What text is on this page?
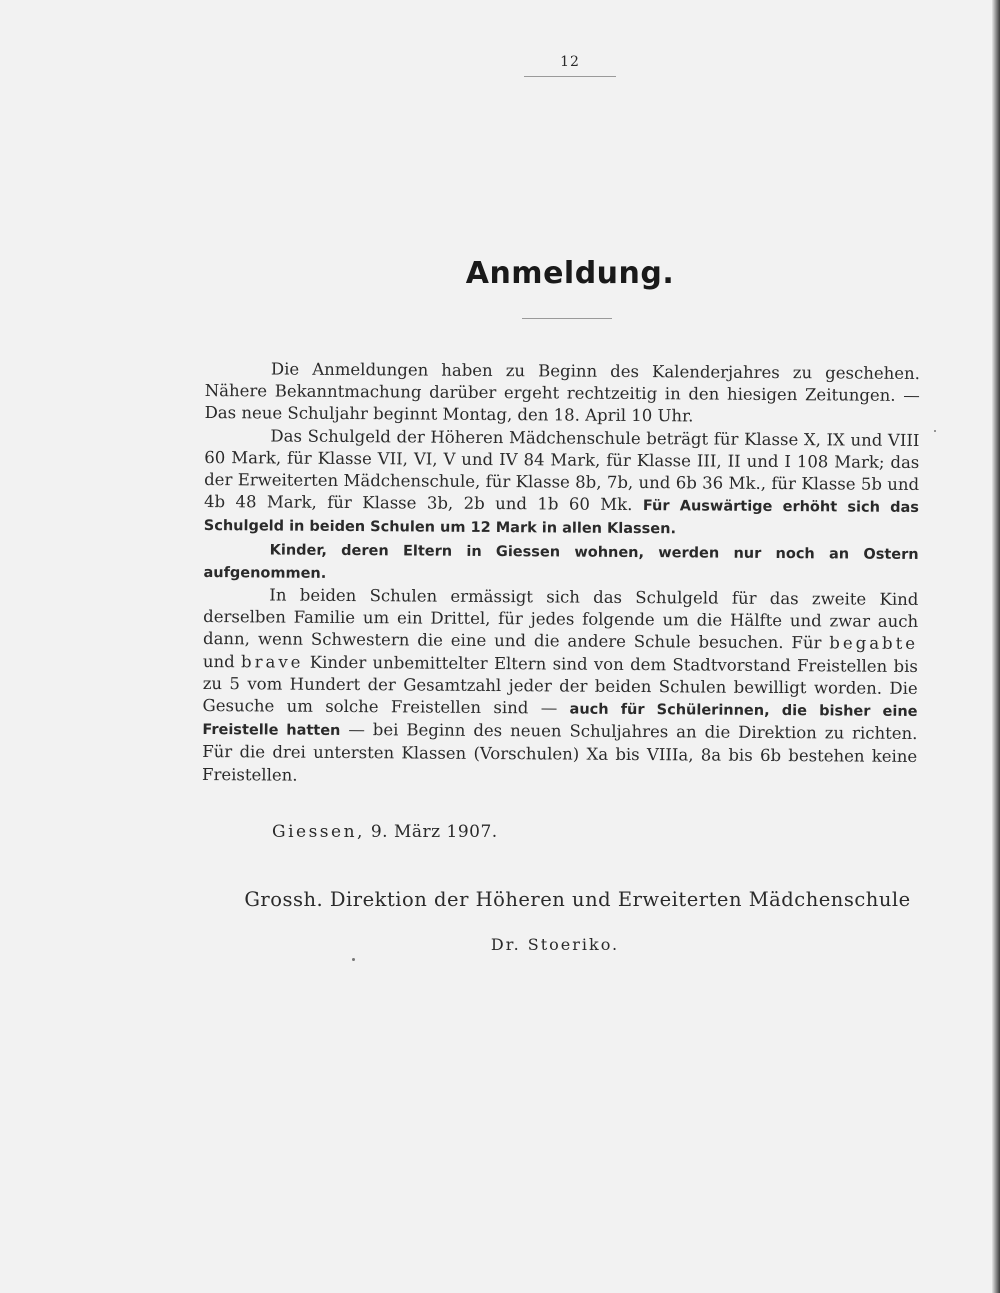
12
Anmeldung.

Die Anmeldungen haben zu Beginn des Kalenderjahres zu geschehen. Nähere Bekanntmachung darüber ergeht rechtzeitig in den hiesigen Zeitungen. — Das neue Schuljahr beginnt Montag, den 18. April 10 Uhr.

Das Schulgeld der Höheren Mädchenschule beträgt für Klasse X, IX und VIII 60 Mark, für Klasse VII, VI, V und IV 84 Mark, für Klasse III, II und I 108 Mark; das der Erweiterten Mädchenschule, für Klasse 8b, 7b, und 6b 36 Mk., für Klasse 5b und 4b 48 Mark, für Klasse 3b, 2b und 1b 60 Mk. Für Auswärtige erhöht sich das Schulgeld in beiden Schulen um 12 Mark in allen Klassen.

Kinder, deren Eltern in Giessen wohnen, werden nur noch an Ostern aufgenommen.

In beiden Schulen ermässigt sich das Schulgeld für das zweite Kind derselben Familie um ein Drittel, für jedes folgende um die Hälfte und zwar auch dann, wenn Schwestern die eine und die andere Schule besuchen. Für begabte und brave Kinder unbemittelter Eltern sind von dem Stadtvorstand Freistellen bis zu 5 vom Hundert der Gesamtzahl jeder der beiden Schulen bewilligt worden. Die Gesuche um solche Freistellen sind — auch für Schülerinnen, die bisher eine Freistelle hatten — bei Beginn des neuen Schuljahres an die Direktion zu richten. Für die drei untersten Klassen (Vorschulen) Xa bis VIIIa, 8a bis 6b bestehen keine Freistellen.

Giessen, 9. März 1907.
Grossh. Direktion der Höheren und Erweiterten Mädchenschule
Dr. Stoeriko.
